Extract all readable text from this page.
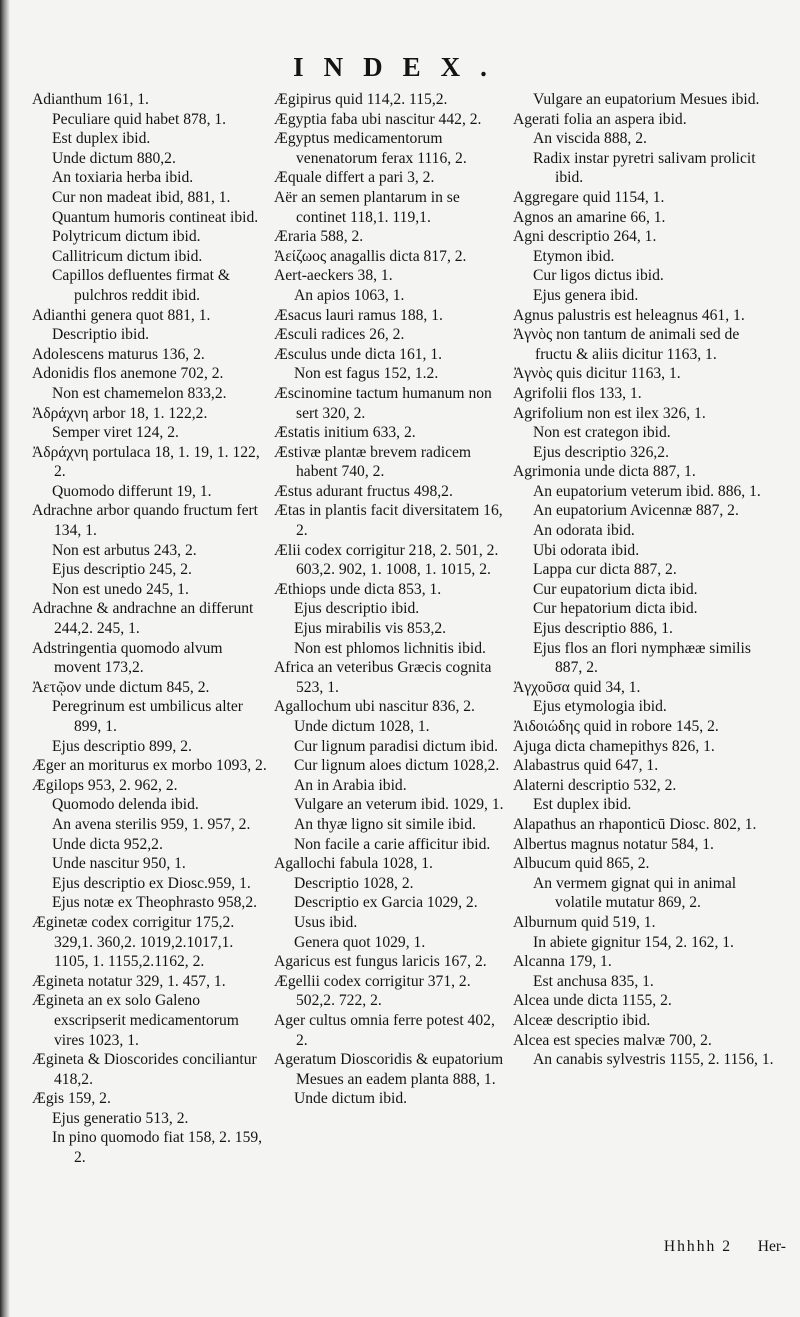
INDEX.
Adianthum 161, 1.
Peculiare quid habet 878, 1.
Est duplex ibid.
Unde dictum 880,2.
An toxiaria herba ibid.
Cur non madeat ibid, 881, 1.
Quantum humoris contineat ibid.
Polytricum dictum ibid.
Callitricum dictum ibid.
Capillos defluentes firmat & pulchros reddit ibid.
Adianthi genera quot 881, 1.
Descriptio ibid.
Adolescens maturus 136, 2.
Adonidis flos anemone 702, 2.
Non est chamemelon 833,2.
Ἀδράχνη arbor 18, 1. 122,2.
Semper viret 124, 2.
Ἀδράχνη portulaca 18, 1. 19, 1. 122, 2.
Quomodo differunt 19, 1.
Adrachne arbor quando fructum fert 134, 1.
Non est arbutus 243, 2.
Ejus descriptio 245, 2.
Non est unedo 245, 1.
Adrachne & andrachne an differunt 244,2. 245, 1.
Adstringentia quomodo alvum movent 173,2.
Ἀετῷον unde dictum 845, 2.
Peregrinum est umbilicus alter 899, 1.
Ejus descriptio 899, 2.
Æger an moriturus ex morbo 1093, 2.
Ægilops 953, 2. 962, 2.
Quomodo delenda ibid.
An avena sterilis 959, 1. 957, 2.
Unde dicta 952,2.
Unde nascitur 950, 1.
Ejus descriptio ex Diosc.959, 1.
Ejus notæ ex Theophrasto 958,2.
Æginetæ codex corrigitur 175,2. 329,1. 360,2. 1019,2.1017,1. 1105, 1. 1155,2.1162, 2.
Ægineta notatur 329, 1. 457, 1.
Ægineta an ex solo Galeno exscripserit medicamentorum vires 1023, 1.
Ægineta & Dioscorides conciliantur 418,2.
Ægis 159, 2.
Ejus generatio 513, 2.
In pino quomodo fiat 158, 2. 159, 2.
Ægipirus quid 114,2. 115,2.
Ægyptia faba ubi nascitur 442, 2.
Ægyptus medicamentorum venenatorum ferax 1116, 2.
Æquale differt a pari 3, 2.
Aër an semen plantarum in se continet 118,1. 119,1.
Æraria 588, 2.
Ἀείζωος anagallis dicta 817, 2.
Aert-aeckers 38, 1.
An apios 1063, 1.
Æsacus lauri ramus 188, 1.
Æsculi radices 26, 2.
Æsculus unde dicta 161, 1.
Non est fagus 152, 1.2.
Æscinomine tactum humanum non sert 320, 2.
Æstatis initium 633, 2.
Æstivæ plantæ brevem radicem habent 740, 2.
Æstus adurant fructus 498,2.
Ætas in plantis facit diversitatem 16, 2.
Ælii codex corrigitur 218, 2. 501, 2. 603,2. 902, 1. 1008, 1. 1015, 2.
Æthiops unde dicta 853, 1.
Ejus descriptio ibid.
Ejus mirabilis vis 853,2.
Non est phlomos lichnitis ibid.
Africa an veteribus Græcis cognita 523, 1.
Agallochum ubi nascitur 836, 2.
Unde dictum 1028, 1.
Cur lignum paradisi dictum ibid.
Cur lignum aloes dictum 1028,2.
An in Arabia ibid.
Vulgare an veterum ibid. 1029, 1.
An thyæ ligno sit simile ibid.
Non facile a carie afficitur ibid.
Agallochi fabula 1028, 1.
Descriptio 1028, 2.
Descriptio ex Garcia 1029, 2.
Usus ibid.
Genera quot 1029, 1.
Agaricus est fungus laricis 167, 2.
Ægellii codex corrigitur 371, 2. 502,2. 722, 2.
Ager cultus omnia ferre potest 402, 2.
Ageratum Dioscoridis & eupatorium Mesues an eadem planta 888, 1.
Unde dictum ibid.
Vulgare an eupatorium Mesues ibid.
Agerati folia an aspera ibid.
An viscida 888, 2.
Radix instar pyretri salivam prolicit ibid.
Aggregare quid 1154, 1.
Agnos an amarine 66, 1.
Agni descriptio 264, 1.
Etymon ibid.
Cur ligos dictus ibid.
Ejus genera ibid.
Agnus palustris est heleagnus 461, 1.
Ἀγνὸς non tantum de animali sed de fructu & aliis dicitur 1163, 1.
Ἀγνὸς quis dicitur 1163, 1.
Agrifolii flos 133, 1.
Agrifolium non est ilex 326, 1.
Non est crategon ibid.
Ejus descriptio 326,2.
Agrimonia unde dicta 887, 1.
An eupatorium veterum ibid. 886, 1.
An eupatorium Avicennæ 887, 2.
An odorata ibid.
Ubi odorata ibid.
Lappa cur dicta 887, 2.
Cur eupatorium dicta ibid.
Cur hepatorium dicta ibid.
Ejus descriptio 886, 1.
Ejus flos an flori nymphææ similis 887, 2.
Ἀγχοῦσα quid 34, 1.
Ejus etymologia ibid.
Ἀιδοιώδης quid in robore 145, 2.
Ajuga dicta chamepithys 826, 1.
Alabastrus quid 647, 1.
Alaterni descriptio 532, 2.
Est duplex ibid.
Alapathus an rhaponticū Diosc. 802, 1.
Albertus magnus notatur 584, 1.
Albucum quid 865, 2.
An vermem gignat qui in animal volatile mutatur 869, 2.
Alburnum quid 519, 1.
In abiete gignitur 154, 2. 162, 1.
Alcanna 179, 1.
Est anchusa 835, 1.
Alcea unde dicta 1155, 2.
Alceæ descriptio ibid.
Alcea est species malvæ 700, 2.
An canabis sylvestris 1155, 2. 1156, 1.
Hhhhh 2 Her-
